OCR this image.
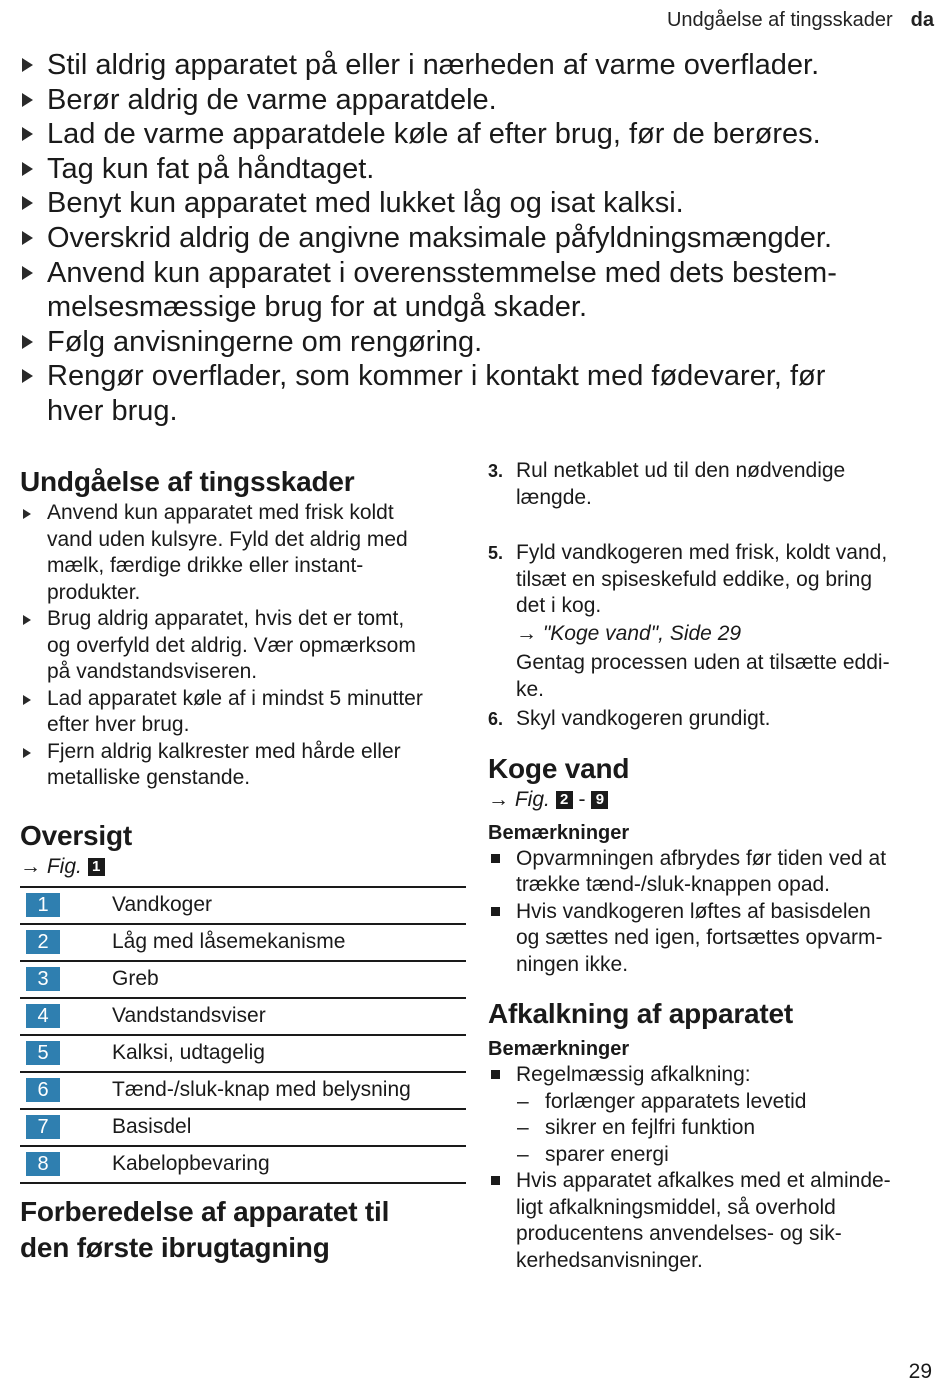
Undgåelse af tingsskader da
Stil aldrig apparatet på eller i nærheden af varme overflader.
Berør aldrig de varme apparatdele.
Lad de varme apparatdele køle af efter brug, før de berøres.
Tag kun fat på håndtaget.
Benyt kun apparatet med lukket låg og isat kalksi.
Overskrid aldrig de angivne maksimale påfyldningsmængder.
Anvend kun apparatet i overensstemmelse med dets bestem-
melsesmæssige brug for at undgå skader.
Følg anvisningerne om rengøring.
Rengør overflader, som kommer i kontakt med fødevarer, før
hver brug.
Undgåelse af tingsskader
Anvend kun apparatet med frisk koldt
vand uden kulsyre. Fyld det aldrig med
mælk, færdige drikke eller instant-
produkter.
Brug aldrig apparatet, hvis det er tomt,
og overfyld det aldrig. Vær opmærksom
på vandstandsviseren.
Lad apparatet køle af i mindst 5 minutter
efter hver brug.
Fjern aldrig kalkrester med hårde eller
metalliske genstande.
Oversigt
→ Fig. 1
1	Vandkoger
2	Låg med låsemekanisme
3	Greb
4	Vandstandsviser
5	Kalksi, udtagelig
6	Tænd-/sluk-knap med belysning
7	Basisdel
8	Kabelopbevaring
Forberedelse af apparatet til
den første ibrugtagning
3. Rul netkablet ud til den nødvendige
længde.
5. Fyld vandkogeren med frisk, koldt vand,
tilsæt en spiseskefuld eddike, og bring
det i kog.
→ "Koge vand", Side 29
Gentag processen uden at tilsætte eddi-
ke.
6. Skyl vandkogeren grundigt.
Koge vand
→ Fig. 2 - 9
Bemærkninger
Opvarmningen afbrydes før tiden ved at
trække tænd-/sluk-knappen opad.
Hvis vandkogeren løftes af basisdelen
og sættes ned igen, fortsættes opvarm-
ningen ikke.
Afkalkning af apparatet
Bemærkninger
Regelmæssig afkalkning:
– forlænger apparatets levetid
– sikrer en fejlfri funktion
– sparer energi
Hvis apparatet afkalkes med et alminde-
ligt afkalkningsmiddel, så overhold
producentens anvendelses- og sik-
kerhedsanvisninger.
29
